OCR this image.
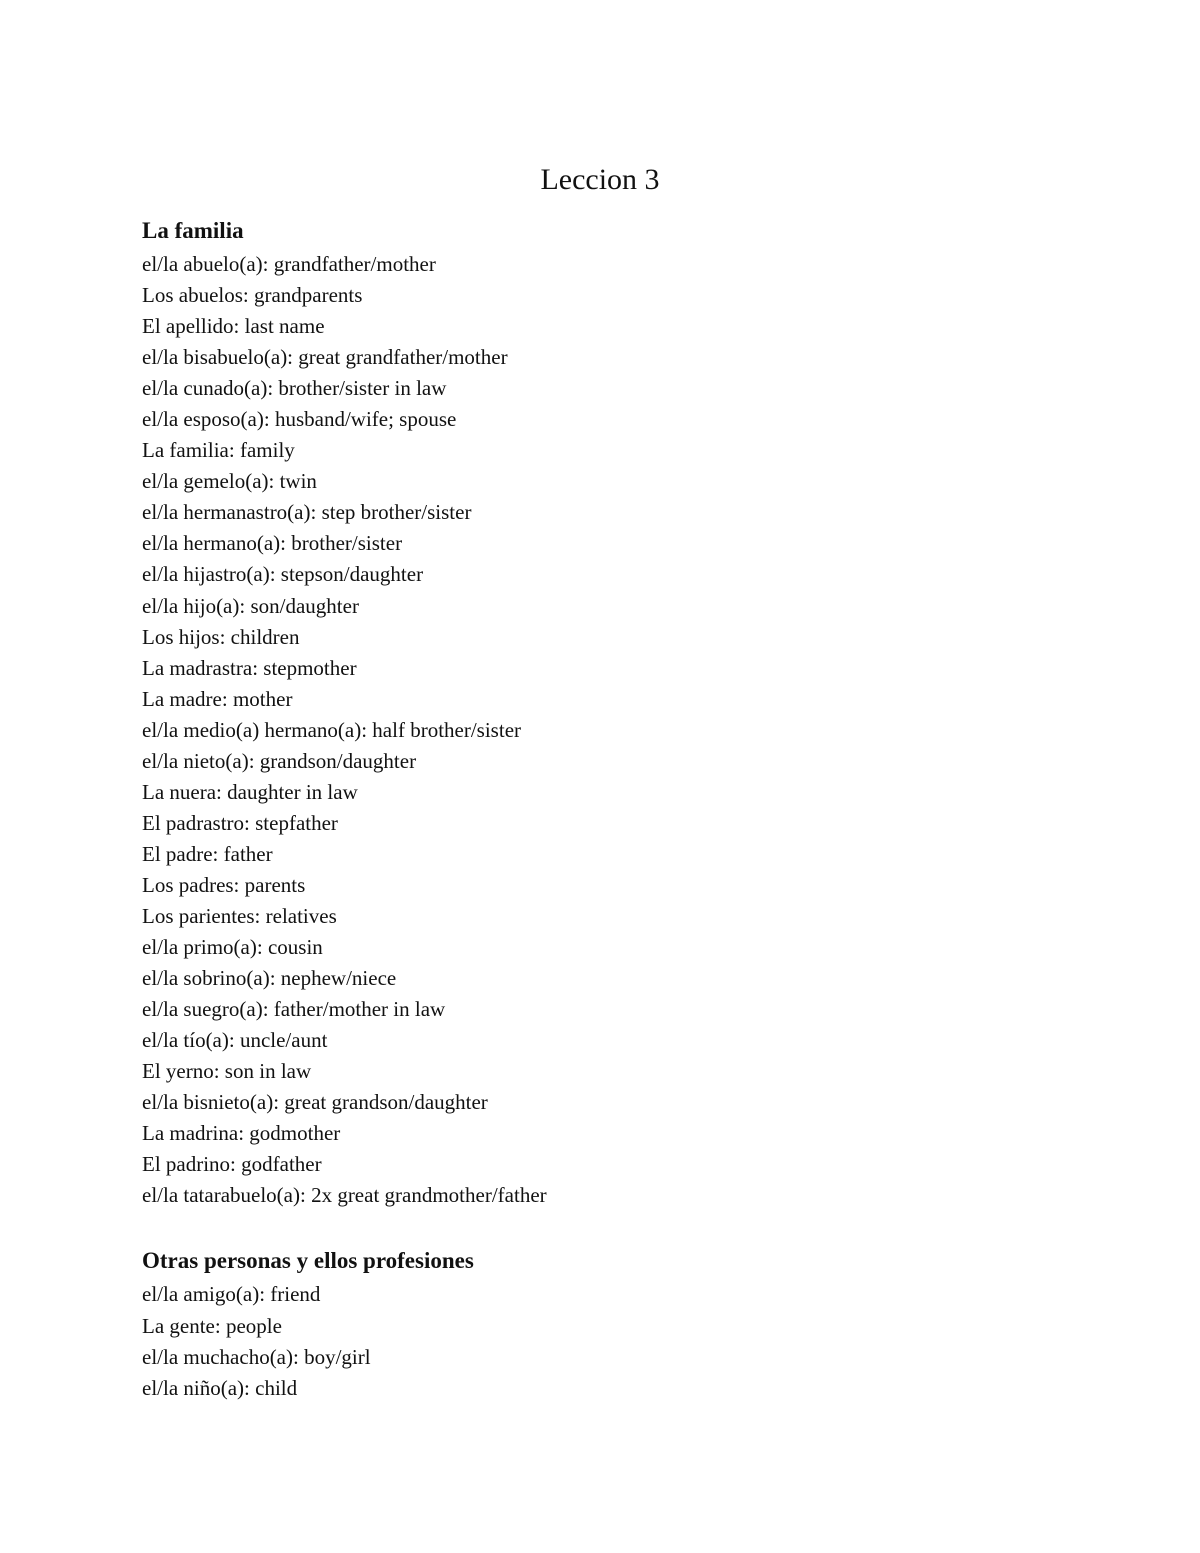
Leccion 3
La familia
el/la abuelo(a): grandfather/mother
Los abuelos: grandparents
El apellido: last name
el/la bisabuelo(a): great grandfather/mother
el/la cunado(a): brother/sister in law
el/la esposo(a): husband/wife; spouse
La familia: family
el/la gemelo(a): twin
el/la hermanastro(a): step brother/sister
el/la hermano(a): brother/sister
el/la hijastro(a): stepson/daughter
el/la hijo(a): son/daughter
Los hijos: children
La madrastra: stepmother
La madre: mother
el/la medio(a) hermano(a): half brother/sister
el/la nieto(a): grandson/daughter
La nuera: daughter in law
El padrastro: stepfather
El padre: father
Los padres: parents
Los parientes: relatives
el/la primo(a): cousin
el/la sobrino(a): nephew/niece
el/la suegro(a): father/mother in law
el/la tío(a): uncle/aunt
El yerno: son in law
el/la bisnieto(a): great grandson/daughter
La madrina: godmother
El padrino: godfather
el/la tatarabuelo(a): 2x great grandmother/father
Otras personas y ellos profesiones
el/la amigo(a): friend
La gente: people
el/la muchacho(a): boy/girl
el/la niño(a): child
